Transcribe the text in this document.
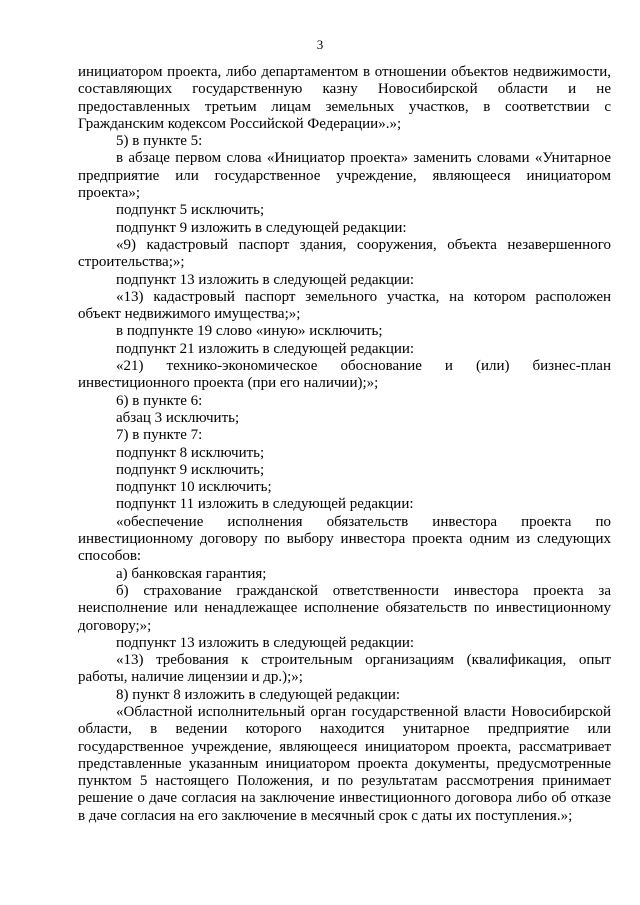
3

инициатором проекта, либо департаментом в отношении объектов недвижимости, составляющих государственную казну Новосибирской области и не предоставленных третьим лицам земельных участков, в соответствии с Гражданским кодексом Российской Федерации».»;

5) в пункте 5:

в абзаце первом слова «Инициатор проекта» заменить словами «Унитарное предприятие или государственное учреждение, являющееся инициатором проекта»;

подпункт 5 исключить;

подпункт 9 изложить в следующей редакции:

«9) кадастровый паспорт здания, сооружения, объекта незавершенного строительства;»;

подпункт 13 изложить в следующей редакции:

«13) кадастровый паспорт земельного участка, на котором расположен объект недвижимого имущества;»;

в подпункте 19 слово «иную» исключить;

подпункт 21 изложить в следующей редакции:

«21) технико-экономическое обоснование и (или) бизнес-план инвестиционного проекта (при его наличии);»;

6) в пункте 6:

абзац 3 исключить;

7) в пункте 7:

подпункт 8 исключить;

подпункт 9 исключить;

подпункт 10 исключить;

подпункт 11 изложить в следующей редакции:

«обеспечение исполнения обязательств инвестора проекта по инвестиционному договору по выбору инвестора проекта одним из следующих способов:

а) банковская гарантия;

б) страхование гражданской ответственности инвестора проекта за неисполнение или ненадлежащее исполнение обязательств по инвестиционному договору;»;

подпункт 13 изложить в следующей редакции:

«13) требования к строительным организациям (квалификация, опыт работы, наличие лицензии и др.);»;

8) пункт 8 изложить в следующей редакции:

«Областной исполнительный орган государственной власти Новосибирской области, в ведении которого находится унитарное предприятие или государственное учреждение, являющееся инициатором проекта, рассматривает представленные указанным инициатором проекта документы, предусмотренные пунктом 5 настоящего Положения, и по результатам рассмотрения принимает решение о даче согласия на заключение инвестиционного договора либо об отказе в даче согласия на его заключение в месячный срок с даты их поступления.»;
